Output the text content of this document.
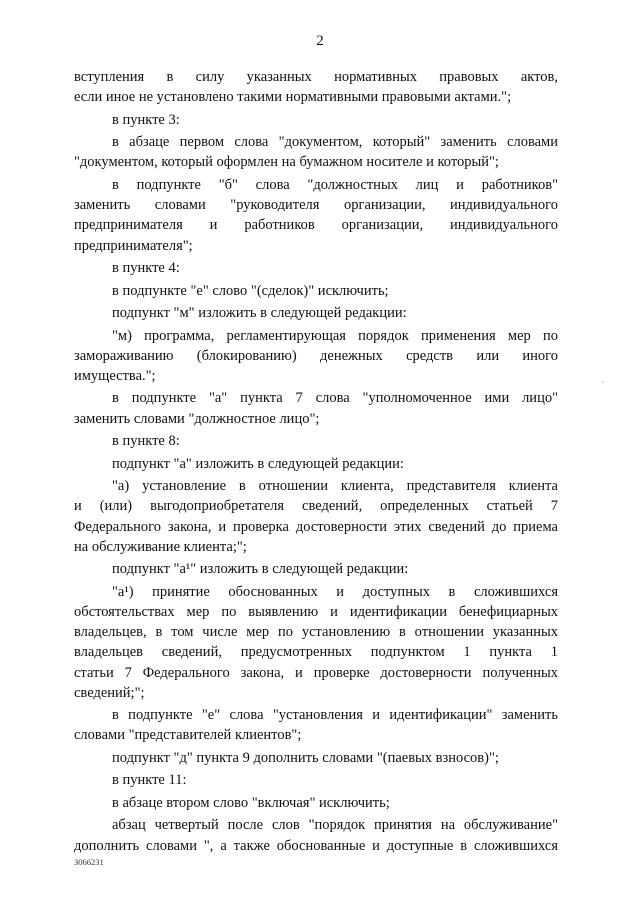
2
вступления в силу указанных нормативных правовых актов,
если иное не установлено такими нормативными правовыми актами.";
в пункте 3:
в абзаце первом слова "документом, который" заменить словами
"документом, который оформлен на бумажном носителе и который";
в подпункте "б" слова "должностных лиц и работников"
заменить словами "руководителя организации, индивидуального
предпринимателя и работников организации, индивидуального
предпринимателя";
в пункте 4:
в подпункте "е" слово "(сделок)" исключить;
подпункт "м" изложить в следующей редакции:
"м) программа, регламентирующая порядок применения мер по
замораживанию (блокированию) денежных средств или иного
имущества.";
в подпункте "а" пункта 7 слова "уполномоченное ими лицо"
заменить словами "должностное лицо";
в пункте 8:
подпункт "а" изложить в следующей редакции:
"а) установление в отношении клиента, представителя клиента
и (или) выгодоприобретателя сведений, определенных статьей 7
Федерального закона, и проверка достоверности этих сведений до приема
на обслуживание клиента;";
подпункт "а¹" изложить в следующей редакции:
"а¹) принятие обоснованных и доступных в сложившихся
обстоятельствах мер по выявлению и идентификации бенефициарных
владельцев, в том числе мер по установлению в отношении указанных
владельцев сведений, предусмотренных подпунктом 1 пункта 1
статьи 7 Федерального закона, и проверке достоверности полученных
сведений;";
в подпункте "е" слова "установления и идентификации" заменить
словами "представителей клиентов";
подпункт "д" пункта 9 дополнить словами "(паевых взносов)";
в пункте 11:
в абзаце втором слово "включая" исключить;
абзац четвертый после слов "порядок принятия на обслуживание"
дополнить словами ", а также обоснованные и доступные в сложившихся
3066231
·
